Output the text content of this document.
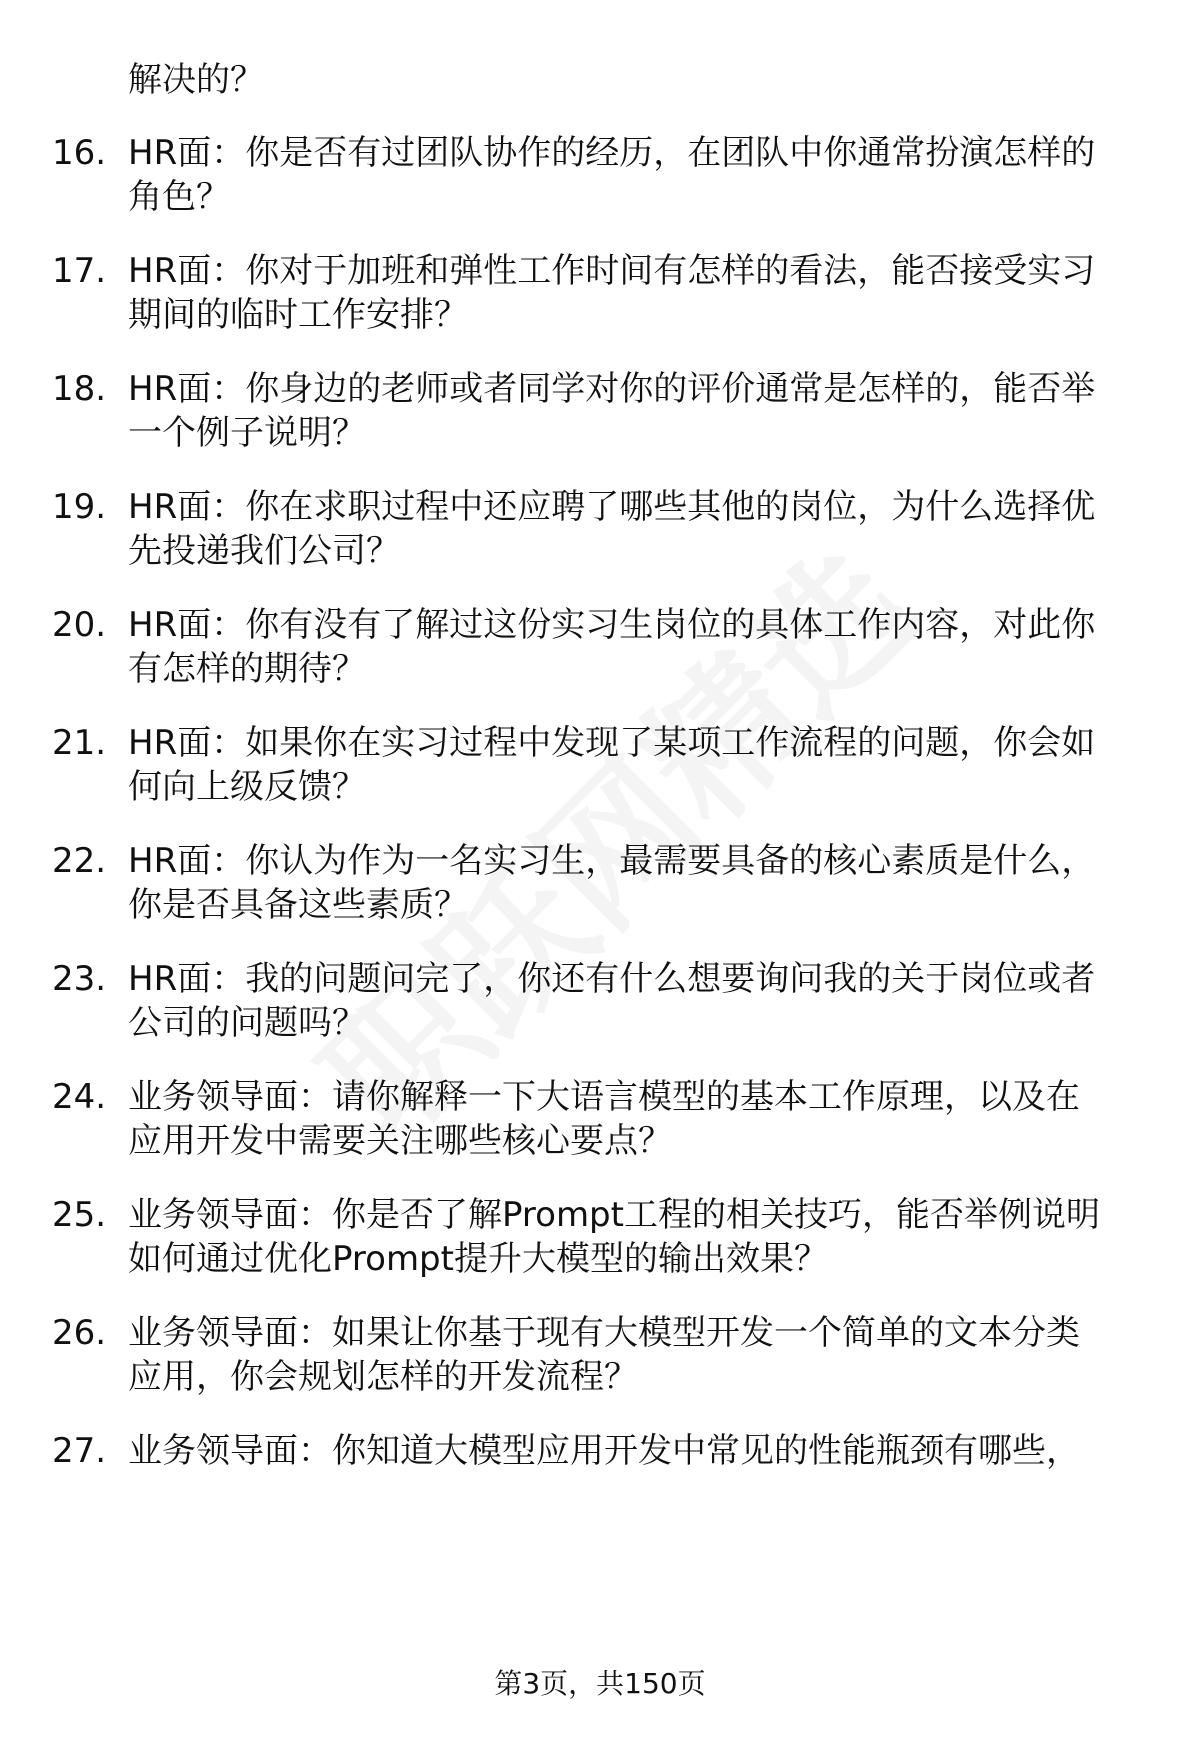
解决的？
16. HR面：你是否有过团队协作的经历，在团队中你通常扮演怎样的
角色？
17. HR面：你对于加班和弹性工作时间有怎样的看法，能否接受实习
期间的临时工作安排？
18. HR面：你身边的老师或者同学对你的评价通常是怎样的，能否举
一个例子说明？
19. HR面：你在求职过程中还应聘了哪些其他的岗位，为什么选择优
先投递我们公司？
20. HR面：你有没有了解过这份实习生岗位的具体工作内容，对此你
有怎样的期待？
21. HR面：如果你在实习过程中发现了某项工作流程的问题，你会如
何向上级反馈？
22. HR面：你认为作为一名实习生，最需要具备的核心素质是什么，
你是否具备这些素质？
23. HR面：我的问题问完了，你还有什么想要询问我的关于岗位或者
公司的问题吗？
24. 业务领导面：请你解释一下大语言模型的基本工作原理，以及在
应用开发中需要关注哪些核心要点？
25. 业务领导面：你是否了解Prompt工程的相关技巧，能否举例说明
如何通过优化Prompt提升大模型的输出效果？
26. 业务领导面：如果让你基于现有大模型开发一个简单的文本分类
应用，你会规划怎样的开发流程？
27. 业务领导面：你知道大模型应用开发中常见的性能瓶颈有哪些，
第3页，共150页
